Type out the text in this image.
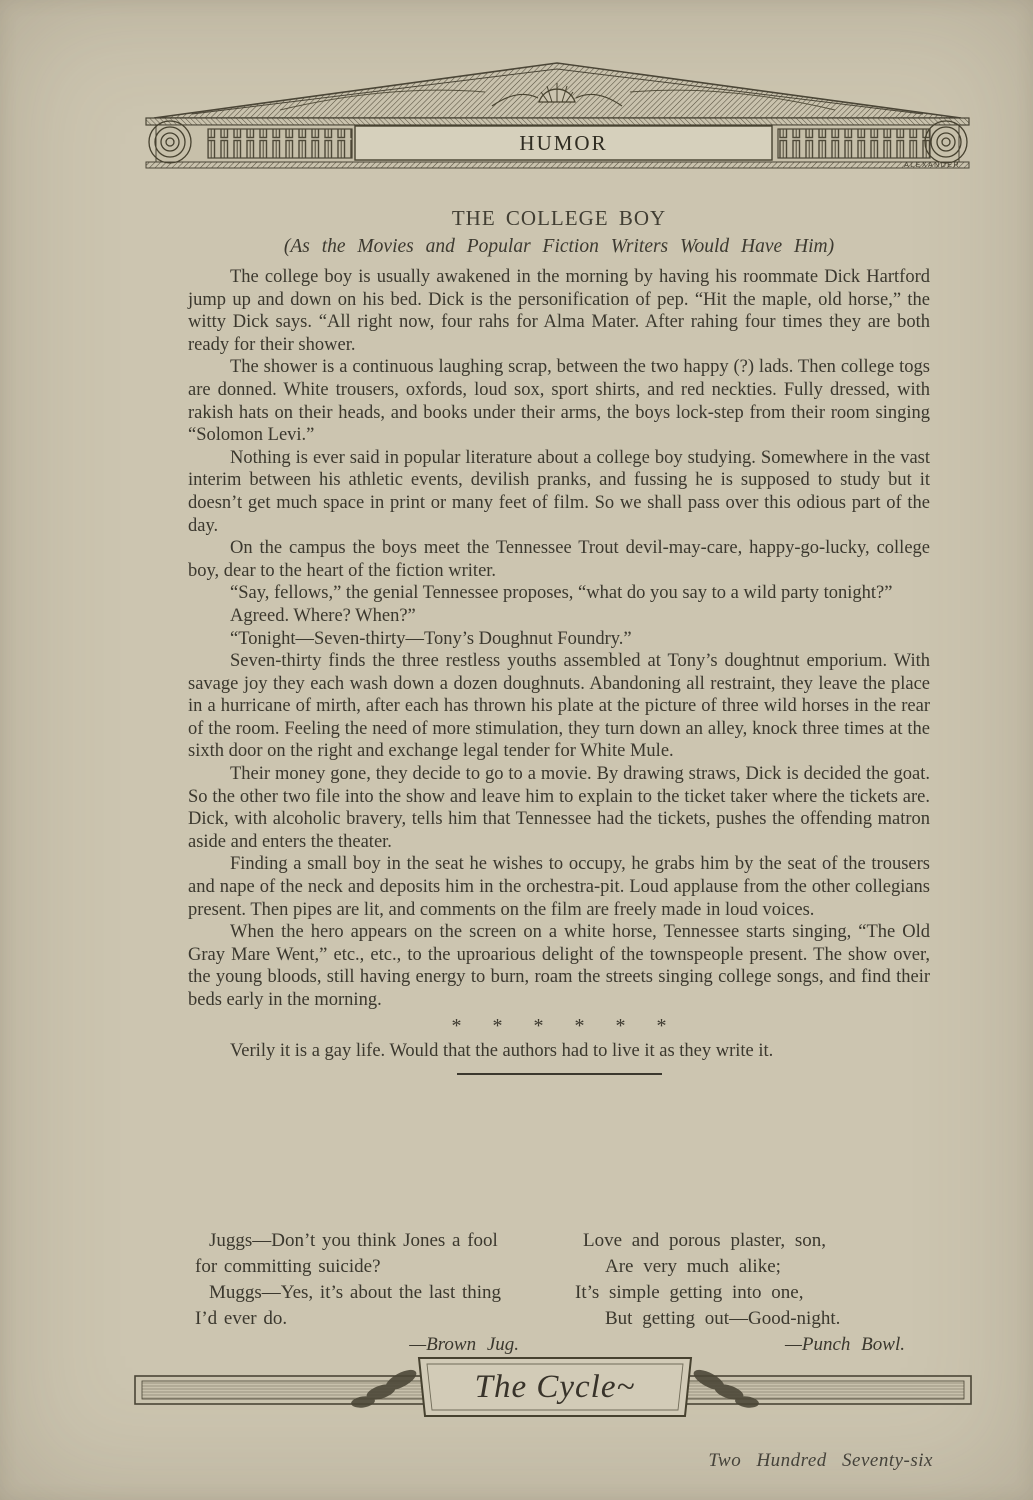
HUMOR
ALEXANDER
THE COLLEGE BOY
(As the Movies and Popular Fiction Writers Would Have Him)

The college boy is usually awakened in the morning by having his roommate Dick Hartford jump up and down on his bed. Dick is the personification of pep. “Hit the maple, old horse,” the witty Dick says. “All right now, four rahs for Alma Mater. After rahing four times they are both ready for their shower.

The shower is a continuous laughing scrap, between the two happy (?) lads. Then college togs are donned. White trousers, oxfords, loud sox, sport shirts, and red neckties. Fully dressed, with rakish hats on their heads, and books under their arms, the boys lock-step from their room singing “Solomon Levi.”

Nothing is ever said in popular literature about a college boy studying. Somewhere in the vast interim between his athletic events, devilish pranks, and fussing he is supposed to study but it doesn’t get much space in print or many feet of film. So we shall pass over this odious part of the day.

On the campus the boys meet the Tennessee Trout devil-may-care, happy-go-lucky, college boy, dear to the heart of the fiction writer.

“Say, fellows,” the genial Tennessee proposes, “what do you say to a wild party tonight?”

Agreed. Where? When?”

“Tonight—Seven-thirty—Tony’s Doughnut Foundry.”

Seven-thirty finds the three restless youths assembled at Tony’s doughtnut emporium. With savage joy they each wash down a dozen doughnuts. Abandoning all restraint, they leave the place in a hurricane of mirth, after each has thrown his plate at the picture of three wild horses in the rear of the room. Feeling the need of more stimulation, they turn down an alley, knock three times at the sixth door on the right and exchange legal tender for White Mule.

Their money gone, they decide to go to a movie. By drawing straws, Dick is decided the goat. So the other two file into the show and leave him to explain to the ticket taker where the tickets are. Dick, with alcoholic bravery, tells him that Tennessee had the tickets, pushes the offending matron aside and enters the theater.

Finding a small boy in the seat he wishes to occupy, he grabs him by the seat of the trousers and nape of the neck and deposits him in the orchestra-pit. Loud applause from the other collegians present. Then pipes are lit, and comments on the film are freely made in loud voices.

When the hero appears on the screen on a white horse, Tennessee starts singing, “The Old Gray Mare Went,” etc., etc., to the uproarious delight of the townspeople present. The show over, the young bloods, still having energy to burn, roam the streets singing college songs, and find their beds early in the morning.

* * * * * *

Verily it is a gay life. Would that the authors had to live it as they write it.

Juggs—Don’t you think Jones a fool

for committing suicide?

Muggs—Yes, it’s about the last thing

I’d ever do.

—Brown Jug.

Love and porous plaster, son,

Are very much alike;

It’s simple getting into one,

But getting out—Good-night.

—Punch Bowl.

The Cycle~
Two Hundred Seventy-six
